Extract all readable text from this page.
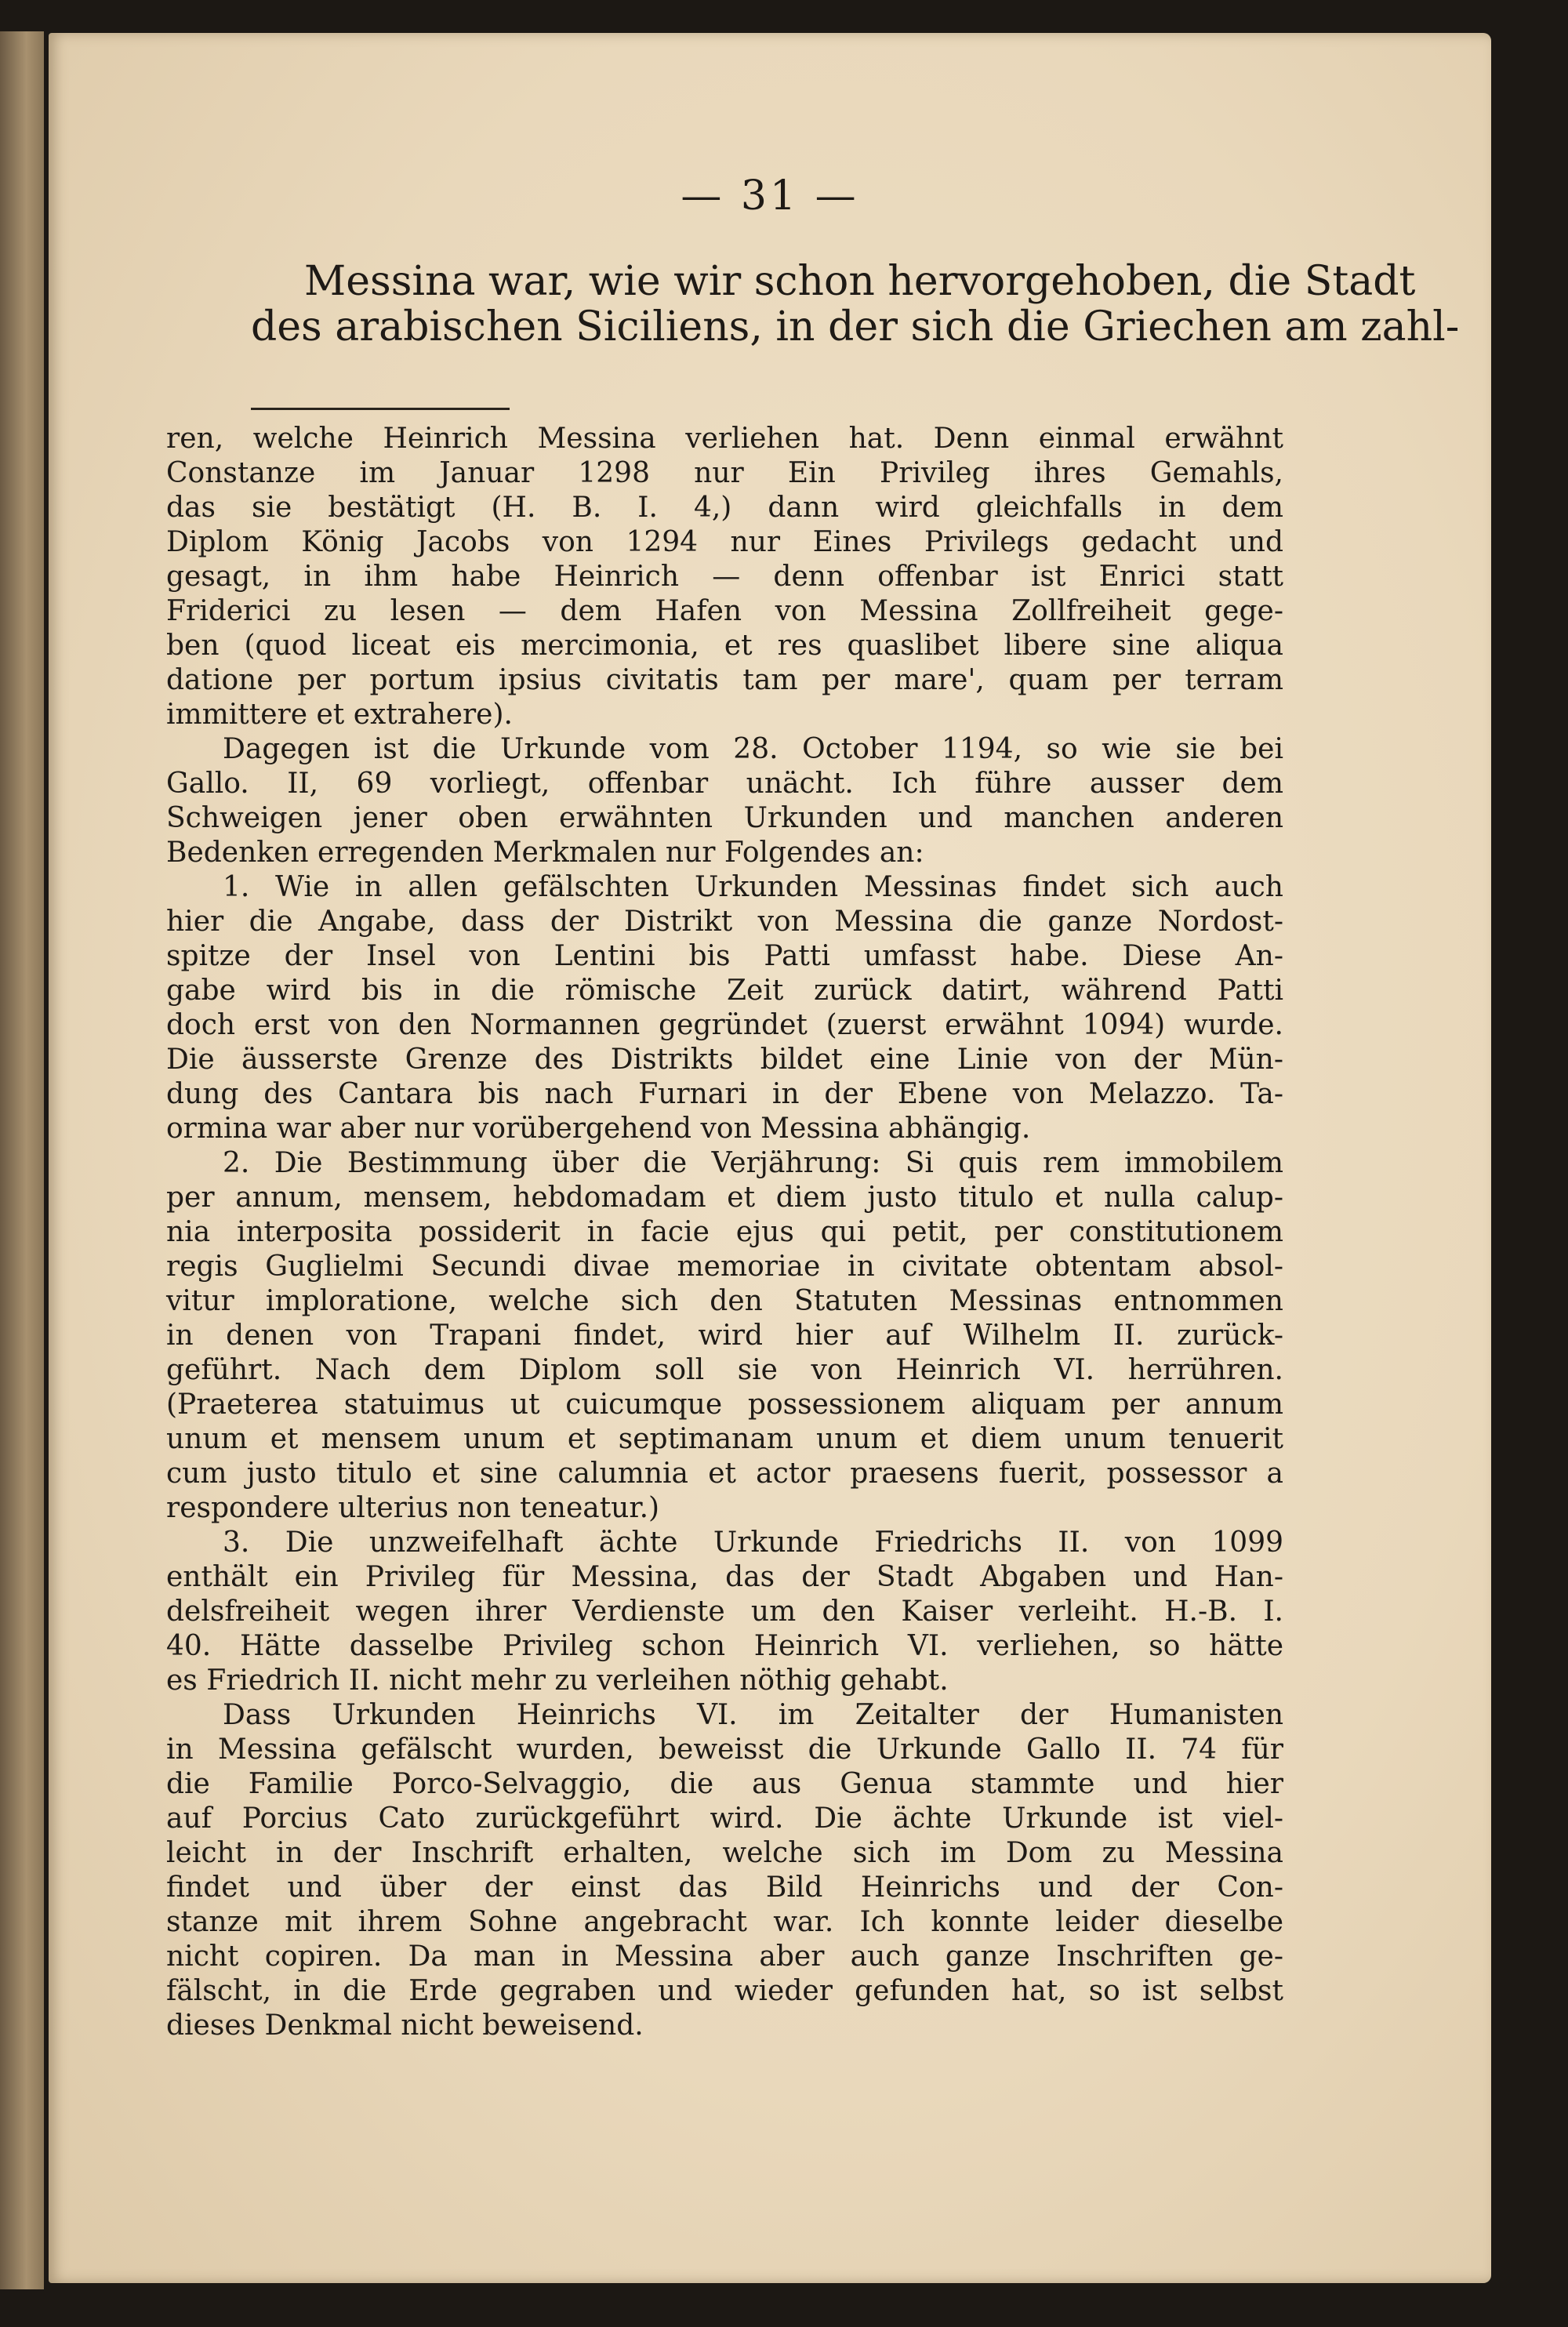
— 31 —
Messina war, wie wir schon hervorgehoben, die Stadt
des arabischen Siciliens, in der sich die Griechen am zahl-
ren, welche Heinrich Messina verliehen hat. Denn einmal erwähnt
Constanze im Januar 1298 nur Ein Privileg ihres Gemahls,
das sie bestätigt (H. B. I. 4,) dann wird gleichfalls in dem
Diplom König Jacobs von 1294 nur Eines Privilegs gedacht und
gesagt, in ihm habe Heinrich — denn offenbar ist Enrici statt
Friderici zu lesen — dem Hafen von Messina Zollfreiheit gege-
ben (quod liceat eis mercimonia, et res quaslibet libere sine aliqua
datione per portum ipsius civitatis tam per mare', quam per terram
immittere et extrahere).
Dagegen ist die Urkunde vom 28. October 1194, so wie sie bei
Gallo. II, 69 vorliegt, offenbar unächt. Ich führe ausser dem
Schweigen jener oben erwähnten Urkunden und manchen anderen
Bedenken erregenden Merkmalen nur Folgendes an:
1. Wie in allen gefälschten Urkunden Messinas findet sich auch
hier die Angabe, dass der Distrikt von Messina die ganze Nordost-
spitze der Insel von Lentini bis Patti umfasst habe. Diese An-
gabe wird bis in die römische Zeit zurück datirt, während Patti
doch erst von den Normannen gegründet (zuerst erwähnt 1094) wurde.
Die äusserste Grenze des Distrikts bildet eine Linie von der Mün-
dung des Cantara bis nach Furnari in der Ebene von Melazzo. Ta-
ormina war aber nur vorübergehend von Messina abhängig.
2. Die Bestimmung über die Verjährung: Si quis rem immobilem
per annum, mensem, hebdomadam et diem justo titulo et nulla calup-
nia interposita possiderit in facie ejus qui petit, per constitutionem
regis Guglielmi Secundi divae memoriae in civitate obtentam absol-
vitur imploratione, welche sich den Statuten Messinas entnommen
in denen von Trapani findet, wird hier auf Wilhelm II. zurück-
geführt. Nach dem Diplom soll sie von Heinrich VI. herrühren.
(Praeterea statuimus ut cuicumque possessionem aliquam per annum
unum et mensem unum et septimanam unum et diem unum tenuerit
cum justo titulo et sine calumnia et actor praesens fuerit, possessor a
respondere ulterius non teneatur.)
3. Die unzweifelhaft ächte Urkunde Friedrichs II. von 1099
enthält ein Privileg für Messina, das der Stadt Abgaben und Han-
delsfreiheit wegen ihrer Verdienste um den Kaiser verleiht. H.-B. I.
40. Hätte dasselbe Privileg schon Heinrich VI. verliehen, so hätte
es Friedrich II. nicht mehr zu verleihen nöthig gehabt.
Dass Urkunden Heinrichs VI. im Zeitalter der Humanisten
in Messina gefälscht wurden, beweisst die Urkunde Gallo II. 74 für
die Familie Porco-Selvaggio, die aus Genua stammte und hier
auf Porcius Cato zurückgeführt wird. Die ächte Urkunde ist viel-
leicht in der Inschrift erhalten, welche sich im Dom zu Messina
findet und über der einst das Bild Heinrichs und der Con-
stanze mit ihrem Sohne angebracht war. Ich konnte leider dieselbe
nicht copiren. Da man in Messina aber auch ganze Inschriften ge-
fälscht, in die Erde gegraben und wieder gefunden hat, so ist selbst
dieses Denkmal nicht beweisend.
